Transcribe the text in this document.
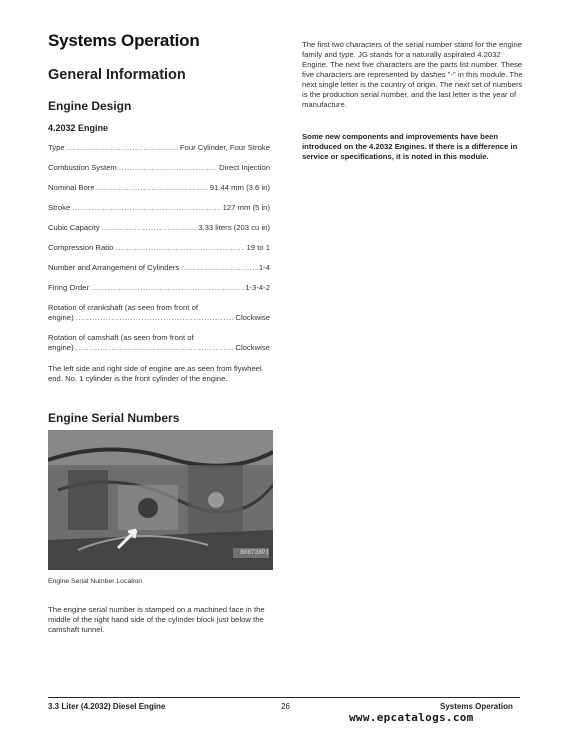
Systems Operation
General Information
Engine Design
4.2032 Engine
Type .....	Four Cylinder, Four Stroke
Combustion System .....	Direct Injection
Nominal Bore .....	91.44 mm (3.6 in)
Stroke .....	127 mm (5 in)
Cubic Capacity .....	3.33 liters (203 cu in)
Compression Ratio .....	19 to 1
Number and Arrangement of Cylinders .....	1-4
Firing Order .....	1-3-4-2
Rotation of crankshaft (as seen from front of
engine) .....	Clockwise
Rotation of camshaft (as seen from front of
engine) .....	Clockwise
The left side and right side of engine are as seen from flywheel end. No. 1 cylinder is the front cylinder of the engine.
Engine Serial Numbers
B08738P1
Engine Serial Number Location
The engine serial number is stamped on a machined face in the middle of the right hand side of the cylinder block just below the camshaft tunnel.
The first two characters of the serial number stand for the engine family and type. JG stands for a naturally aspirated 4.2032 Engine. The next five characters are the parts list number. These five characters are represented by dashes "-" in this module. The next single letter is the country of origin. The next set of numbers is the production serial number, and the last letter is the year of manufacture.
Some new components and improvements have been introduced on the 4.2032 Engines. If there is a difference in service or specifications, it is noted in this module.
3.3 Liter (4.2032) Diesel Engine	26	Systems Operation
www.epcatalogs.com
